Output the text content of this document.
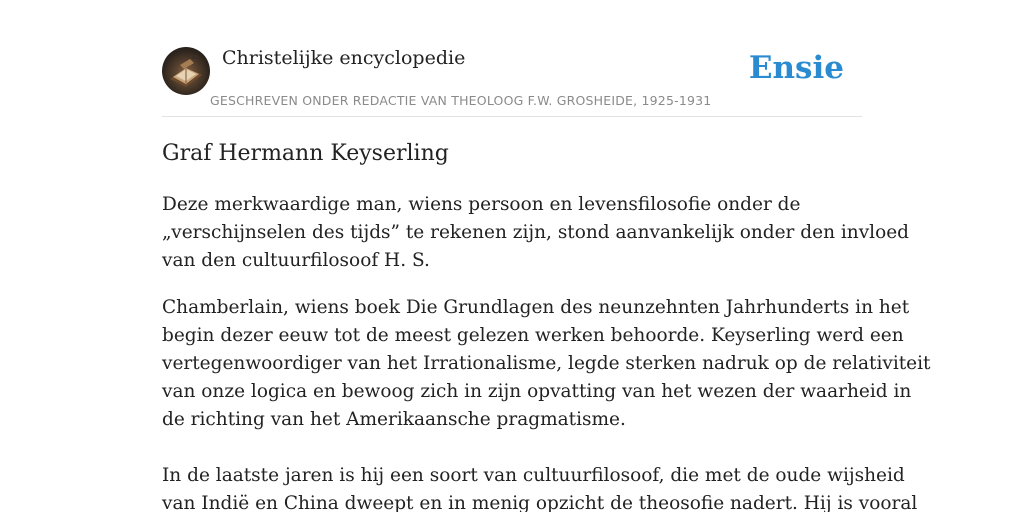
Christelijke encyclopedie
GESCHREVEN ONDER REDACTIE VAN THEOLOOG F.W. GROSHEIDE, 1925-1931
Ensie
Graf Hermann Keyserling

Deze merkwaardige man, wiens persoon en levensfilosofie onder de
„verschijnselen des tijds” te rekenen zijn, stond aanvankelijk onder den invloed
van den cultuurfilosoof H. S.

Chamberlain, wiens boek Die Grundlagen des neunzehnten Jahrhunderts in het
begin dezer eeuw tot de meest gelezen werken behoorde. Keyserling werd een
vertegenwoordiger van het Irrationalisme, legde sterken nadruk op de relativiteit
van onze logica en bewoog zich in zijn opvatting van het wezen der waarheid in
de richting van het Amerikaansche pragmatisme.

In de laatste jaren is hij een soort van cultuurfilosoof, die met de oude wijsheid
van Indië en China dweept en in menig opzicht de theosofie nadert. Hij is vooral
